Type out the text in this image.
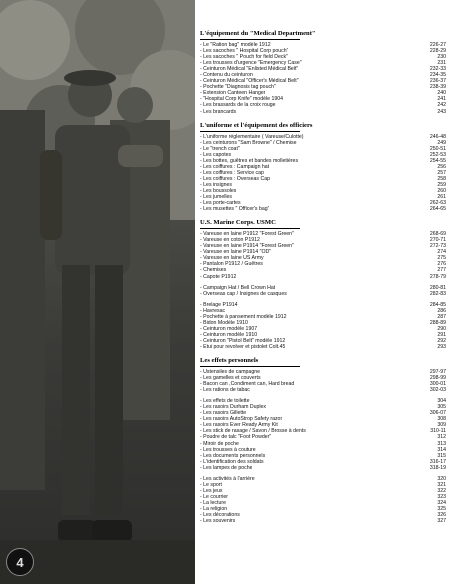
4
L'équipement du "Medical Department"
- Le "Ration bag" modèle 1912	226-27
- Les sacoches " Hospital Corp pouch"	228-29
- Les sacoches " Pouch for field Deck"	230
- Les trousses d'urgence "Emergency Case"	231
- Ceinturon Médical "Enlisted Médical Belt"	232-33
- Contenu du ceinturon	234-35
- Ceinturon Médical "Officer's Médical Belt"	236-37
- Pochette "Diagnosis tag pouch"	238-39
- Extension Canteen Hanger	240
- "Hospital Corp Knife" modèle 1904	241
- Les brassards de la croix rouge	242
- Les brancards	243
L'uniforme et l'équipement des officiers
- L'uniforme réglementaire ( Vareuse/Culotte)	246-48
- Les ceinturons "Sam Browne" / Chemise	249
- Le "trench coat"	250-51
- Les capotes	252-53
- Les bottes, guêtres et bandes molletières	254-55
- Les coiffures : Campaign hat	256
- Les coiffures : Service cap	257
- Les coiffures : Overseas Cap	258
- Les insignes	259
- Les boussoles	260
- Les jumelles	261
- Les porte-cartes	262-63
- Les musettes " Officer's bag"	264-65
U.S. Marine Corps. USMC
- Vareuse en laine P1912 "Forest Green"	268-69
- Vareuse en coton P1912	270-71
- Vareuse en laine P1914 "Forest Green"	272-73
- Vareuse en laine P1914 "OD"	274
- Vareuse en laine US Army	275
- Pantalon P1912 / Guêtres	276
- Chemises	277
- Capote P1912	278-79
- Campaign Hat / Bell Crown Hat	280-81
- Overseas cap / Insignes de casques	282-83
- Brelage P1914	284-85
- Havresac	286
- Pochette à pansement modèle 1912	287
- Bidon Modèle 1910	288-89
- Ceinturon modèle 1907	290
- Ceinturon modèle 1910	291
- Ceinturon "Pistol Belt" modèle 1912	292
- Etui pour revolver et pistolet Colt.45	293
Les effets personnels
- Ustensiles de campagne	297-97
- Les gamelles et couverts	298-99
- Bacon can ,Condiment can, Hard bread	300-01
- Les rations de tabac	302-03
- Les effets de toilette	304
- Les rasoirs Durham Duplex	305
- Les rasoirs Gillette	306-07
- Les rasoirs AutoStrop Safety razor	308
- Les rasoirs Ever Ready Army Kit	309
- Les stick de rasage / Savon / Brosse à dents	310-11
- Poudre de talc "Foot Powder"	312
- Miroir de poche	313
- Les trousses à couture	314
- Les documents personnels	315
- L'identification des soldats	316-17
- Les lampes de poche	318-19
- Les activités à l'arrière	320
- Le sport	321
- Les jeux	322
- Le courrier	323
- La lecture	324
- La religion	325
- Les décorations	326
- Les souvenirs	327
